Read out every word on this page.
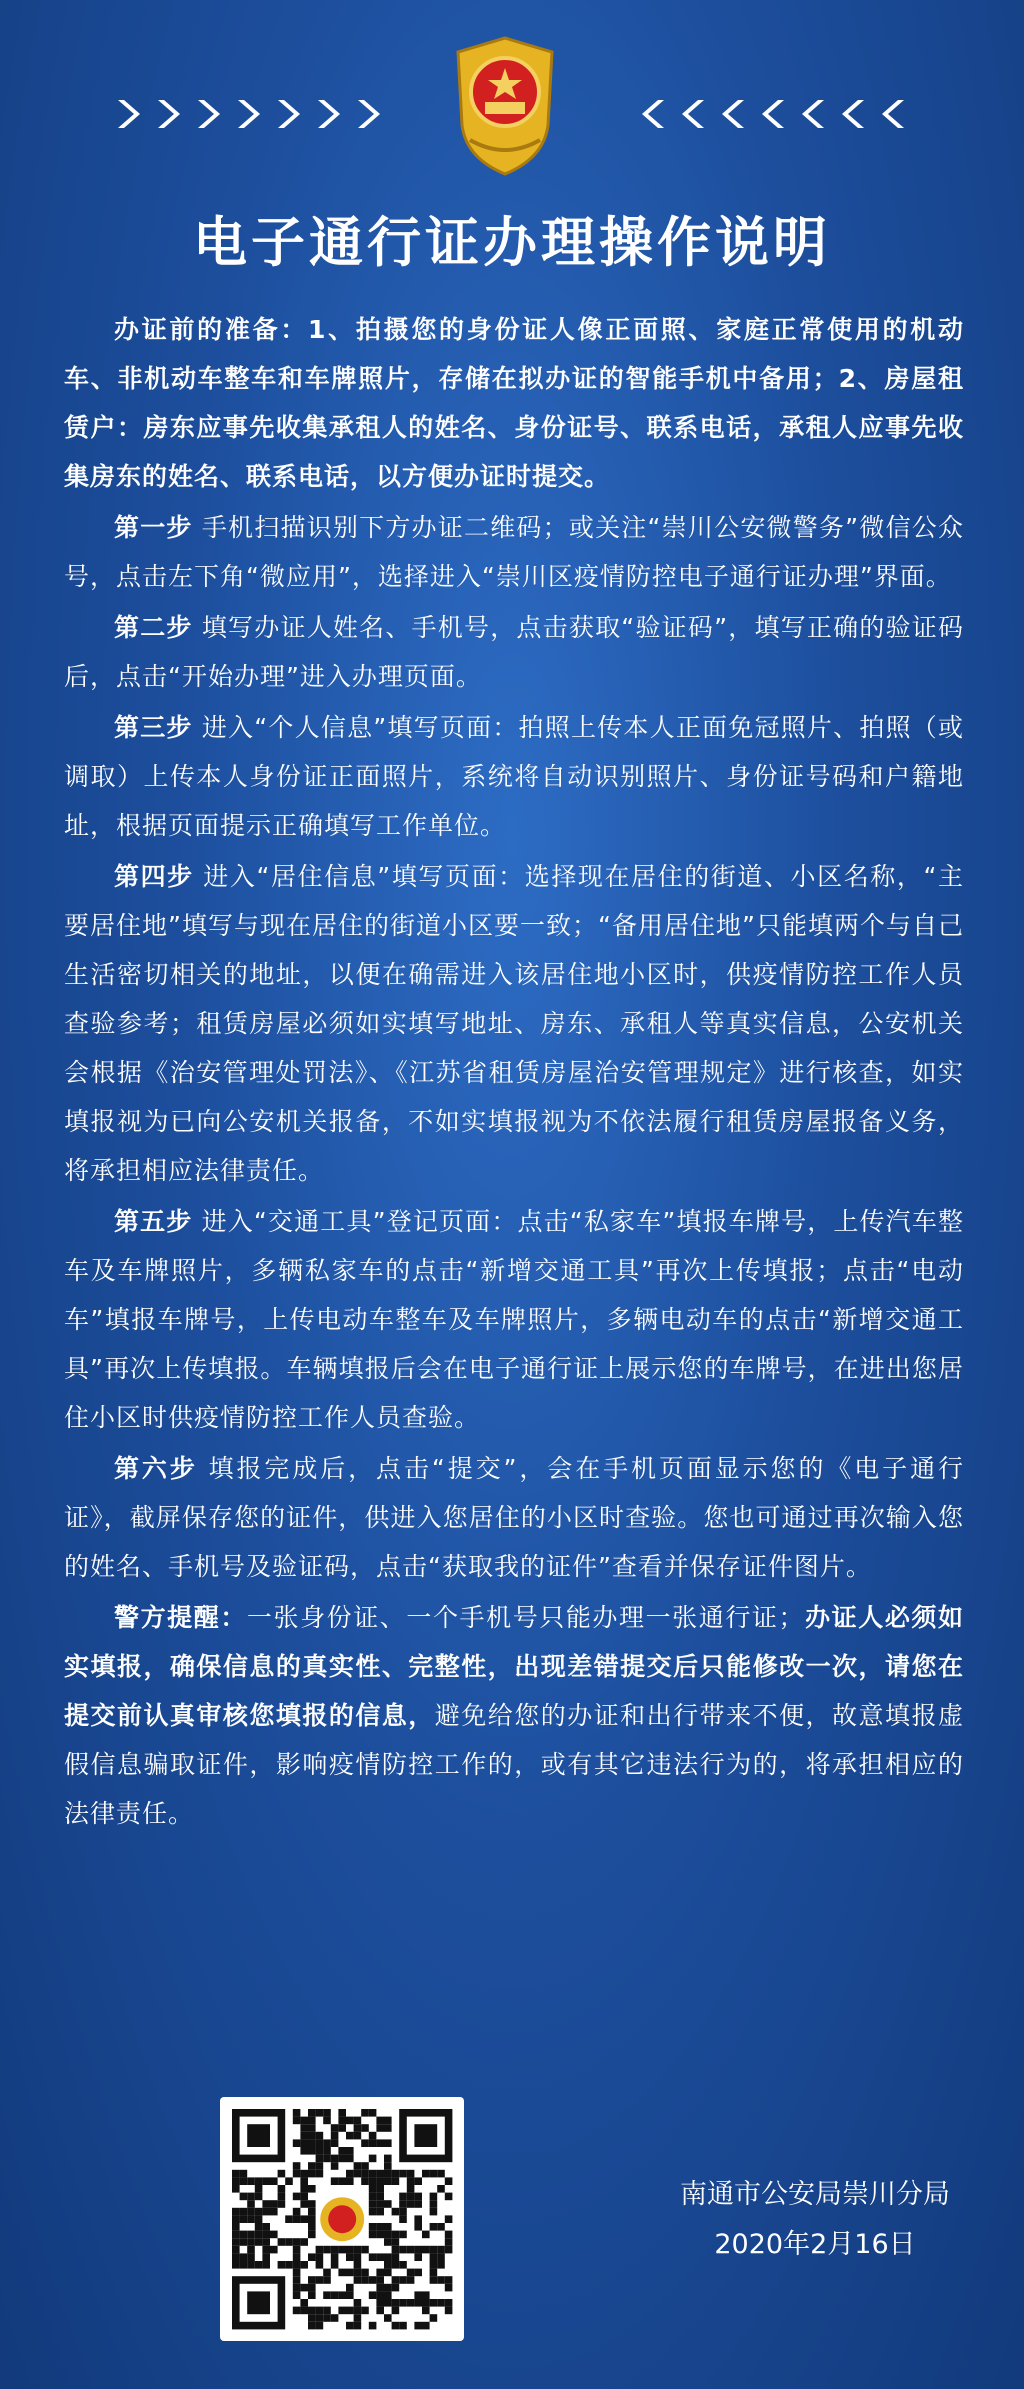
电子通行证办理操作说明

办证前的准备：1、拍摄您的身份证人像正面照、家庭正常使用的机动车、非机动车整车和车牌照片，存储在拟办证的智能手机中备用；2、房屋租赁户：房东应事先收集承租人的姓名、身份证号、联系电话，承租人应事先收集房东的姓名、联系电话，以方便办证时提交。

第一步 手机扫描识别下方办证二维码；或关注“崇川公安微警务”微信公众号，点击左下角“微应用”，选择进入“崇川区疫情防控电子通行证办理”界面。

第二步 填写办证人姓名、手机号，点击获取“验证码”，填写正确的验证码后，点击“开始办理”进入办理页面。

第三步 进入“个人信息”填写页面：拍照上传本人正面免冠照片、拍照（或调取）上传本人身份证正面照片，系统将自动识别照片、身份证号码和户籍地址，根据页面提示正确填写工作单位。

第四步 进入“居住信息”填写页面：选择现在居住的街道、小区名称，“主要居住地”填写与现在居住的街道小区要一致；“备用居住地”只能填两个与自己生活密切相关的地址，以便在确需进入该居住地小区时，供疫情防控工作人员查验参考；租赁房屋必须如实填写地址、房东、承租人等真实信息，公安机关会根据《治安管理处罚法》、《江苏省租赁房屋治安管理规定》进行核查，如实填报视为已向公安机关报备，不如实填报视为不依法履行租赁房屋报备义务，将承担相应法律责任。

第五步 进入“交通工具”登记页面：点击“私家车”填报车牌号，上传汽车整车及车牌照片，多辆私家车的点击“新增交通工具”再次上传填报；点击“电动车”填报车牌号，上传电动车整车及车牌照片，多辆电动车的点击“新增交通工具”再次上传填报。车辆填报后会在电子通行证上展示您的车牌号，在进出您居住小区时供疫情防控工作人员查验。

第六步 填报完成后，点击“提交”，会在手机页面显示您的《电子通行证》，截屏保存您的证件，供进入您居住的小区时查验。您也可通过再次输入您的姓名、手机号及验证码，点击“获取我的证件”查看并保存证件图片。

警方提醒：一张身份证、一个手机号只能办理一张通行证；办证人必须如实填报，确保信息的真实性、完整性，出现差错提交后只能修改一次，请您在提交前认真审核您填报的信息，避免给您的办证和出行带来不便，故意填报虚假信息骗取证件，影响疫情防控工作的，或有其它违法行为的，将承担相应的法律责任。

南通市公安局崇川分局

2020年2月16日
